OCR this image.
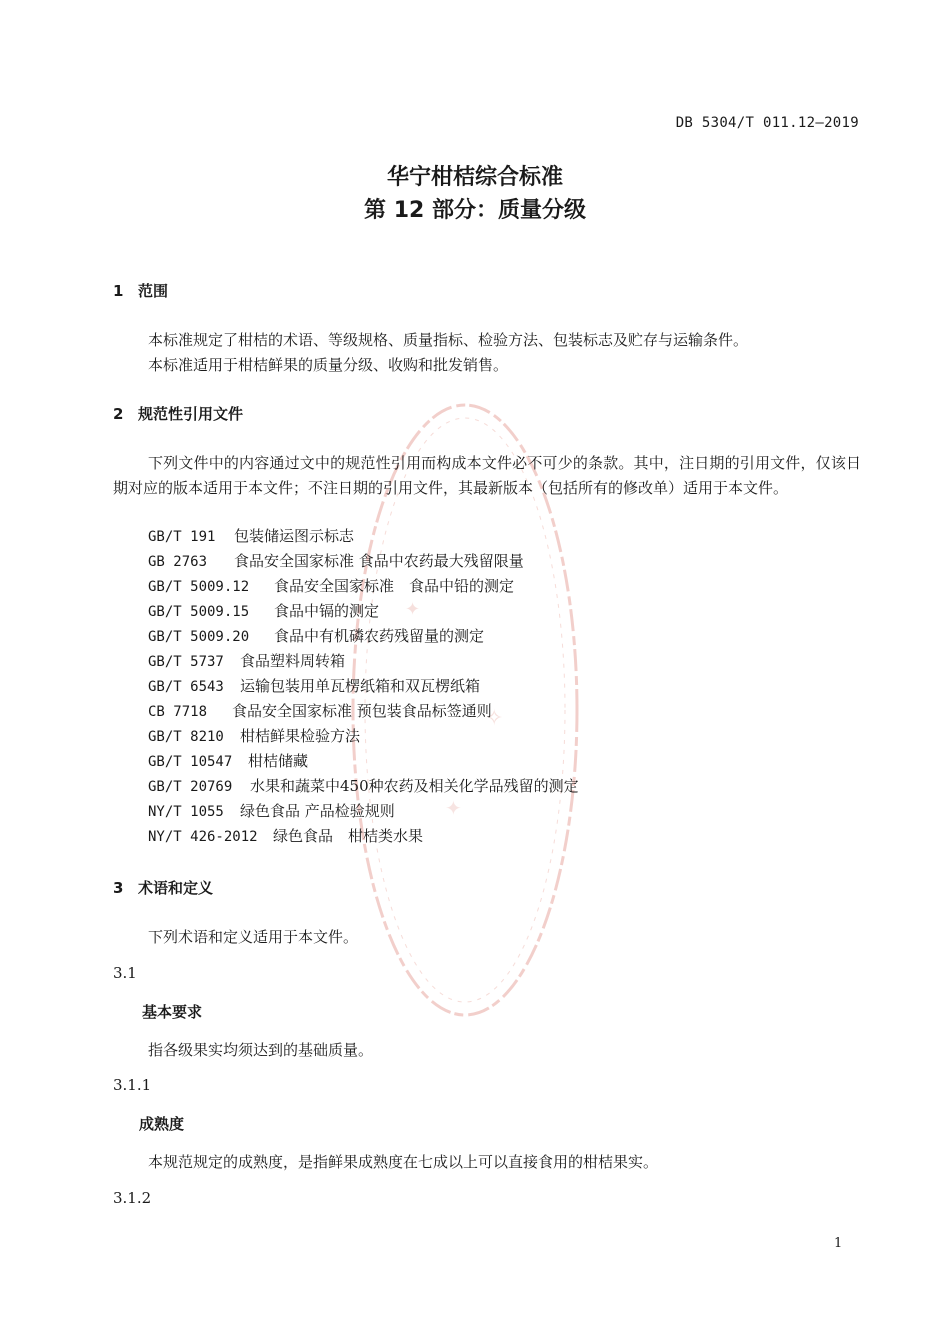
✦
✧
✦
DB 5304/T 011.12—2019
华宁柑桔综合标准
第 12 部分：质量分级
1 范围
本标准规定了柑桔的术语、等级规格、质量指标、检验方法、包装标志及贮存与运输条件。
本标准适用于柑桔鲜果的质量分级、收购和批发销售。
2 规范性引用文件
下列文件中的内容通过文中的规范性引用而构成本文件必不可少的条款。其中，注日期的引用文件，仅该日期对应的版本适用于本文件；不注日期的引用文件，其最新版本（包括所有的修改单）适用于本文件。
GB/T 191 包装储运图示标志
GB 2763 食品安全国家标准 食品中农药最大残留限量
GB/T 5009.12 食品安全国家标准　食品中铅的测定
GB/T 5009.15 食品中镉的测定
GB/T 5009.20 食品中有机磷农药残留量的测定
GB/T 5737 食品塑料周转箱
GB/T 6543 运输包装用单瓦楞纸箱和双瓦楞纸箱
CB 7718 食品安全国家标准 预包装食品标签通则
GB/T 8210 柑桔鲜果检验方法
GB/T 10547 柑桔储藏
GB/T 20769 水果和蔬菜中450种农药及相关化学品残留的测定
NY/T 1055 绿色食品 产品检验规则
NY/T 426-2012 绿色食品　柑桔类水果
3 术语和定义
下列术语和定义适用于本文件。
3.1
基本要求
指各级果实均须达到的基础质量。
3.1.1
成熟度
本规范规定的成熟度，是指鲜果成熟度在七成以上可以直接食用的柑桔果实。
3.1.2
1
